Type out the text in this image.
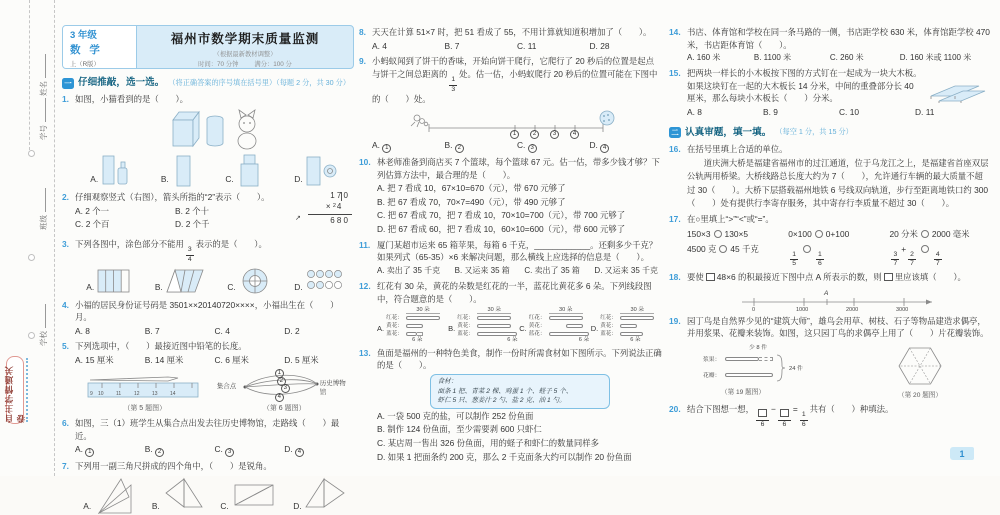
姓名
学号
班级
学校
自主学情通关卷
3 年级
数 学
上（R版）
福州市数学期末质量监测
（根据最新教材调整）
时间：70 分钟	满分：100 分
一 仔细推敲，选一选。 （将正确答案的序号填在括号里）（每题 2 分，共 30 分）
1. 如图，小猫看到的是（　　）。
A.	B.	C.	D.
2. 仔细观察竖式（右图），箭头所指的“2”表示（　　）。	1 7 0
↗
× $^2$4
6 8 0
A. 2 个一	B. 2 个十
C. 2 个百	D. 2 个千
3. 下列各图中，涂色部分不能用
$\frac{3}{4}$
表示的是（　　）。
A.	B.	C.	D.
4. 小福的居民身份证号码是 3501××20140720××××，小福出生在（　　）月。
A. 8	B. 7	C. 4	D. 2
5. 下列选项中，（　　）最接近图中铅笔的长度。
A. 15 厘米	B. 14 厘米	C. 6 厘米	D. 5 厘米
9 10 11	12 13 14
集合点	历史博物馆
1
2
3
4
（第 5 题图）	（第 6 题图）
6. 如图，三（1）班学生从集合点出发去往历史博物馆，走路线（　　）最近。
A. 1	B. 2	C. 3	D. 4
7. 下列用一副三角尺拼成的四个角中，（　　）是锐角。
A.	B.	C.	D.
8. 天天在计算 51×7 时，把 51 看成了 55，不用计算就知道积增加了（　　）。
A. 4	B. 7	C. 11	D. 28
9. 小蚂蚁闻到了饼干的香味，开始向饼干爬行，它爬行了 20 秒后的位置是起点与饼干之间总距离的
$\frac{1}{3}$
处。估一估，小蚂蚁爬行 20 秒后的位置可能在下图中的（　　）处。
1	2	3	4
A. 1	B. 2	C. 3	D. 4
10. 林老师准备到商店买 7 个篮球，每个篮球 67 元。估一估，带多少钱才够？下列估算方法中，最合理的是（　　）。
A. 把 7 看成 10，67×10=670（元），带 670 元够了
B. 把 67 看成 70，70×7=490（元），带 490 元够了
C. 把 67 看成 70，把 7 看成 10，70×10=700（元），带 700 元够了
D. 把 67 看成 60，把 7 看成 10，60×10=600（元），带 600 元够了
11. 厦门某超市运来 65 箱苹果，每箱 6 千克，____________。还剩多少千克？如果列式（65-35）×6 来解决问题，那么横线上应选择的信息是（　　）。
A. 卖出了 35 千克 B. 又运来 35 箱 C. 卖出了 35 箱 D. 又运来 35 千克
12. 红花有 30 朵，黄花的朵数是红花的一半，蓝花比黄花多 6 朵。下列线段图中，符合题意的是（　　）。
A.
30 朵
红花：
黄花：
蓝花：
6 朵
B.
30 朵
红花：
黄花：
蓝花：
6 朵
C.
30 朵
红花：
黄花：
蓝花：
6 朵
D.
30 朵
红花：
黄花：
蓝花：
6 朵
13. 鱼面是福州的一种特色美食，制作一份时所需食材如下图所示。下列说法正确的是（　　）。
食材：
面条 1 把、青菜 2 棵、鸡蛋 1 个、蛏子 5 个、
虾仁 5 只、葱姜汁 2 勺、盐 2 克、油 1 勺。
A. 一袋 500 克的盐，可以制作 252 份鱼面
B. 制作 124 份鱼面，至少需要剥 600 只虾仁
C. 某店周一售出 326 份鱼面，用的蛏子和虾仁的数量同样多
D. 如果 1 把面条约 200 克，那么 2 千克面条大约可以制作 20 份鱼面
14. 书店、体育馆和学校在同一条马路的一侧，书店距学校 630 米，体育馆距学校 470 米，书店距体育馆（　　）。
A. 160 米	B. 1100 米	C. 260 米	D. 160 米或 1100 米
15. 把两块一样长的小木板按下图的方式钉在一起成为一块大木板。如果这块钉在一起的大木板长 14 分米，中间的重叠部分长 40 厘米，那么每块小木板长（　　）分米。
A. 8	B. 9	C. 10	D. 11
二 认真审题，填一填。 （每空 1 分，共 15 分）
16. 在括号里填上合适的单位。
道庆洲大桥是福建省福州市的过江通道，位于乌龙江之上，是福建省首座双层公轨两用桥梁。大桥线路总长度大约为 7（　　），允许通行车辆的最大质量不超过 30（　　）。大桥下层搭载福州地铁 6 号线双向轨道，步行至距离地铁口约 300（　　）处有提供行李寄存服务，其中寄存行李质量不超过 30（　　）。
17. 在○里填上“>”“<”或“=”。
150×3 130×5	0×100 0+100	20 分米 2000 毫米
4500 克 45 千克
$\frac{1}{5}$	$\frac{1}{6}$	$\frac{3}{7}$
+
$\frac{2}{7}$	$\frac{4}{7}$
18. 要使 48×6 的积最接近下图中点 A 所表示的数，则 里应该填（　　）。
0	1000	2000	3000
A
19. 园丁鸟是自然界少见的“建筑大师”，雄鸟会用草、树枝、石子等物品建造求偶亭，并用浆果、花瓣来装饰。如图，这只园丁鸟的求偶亭上用了（　　）片花瓣装饰。
少 8 件
浆果：
花瓣：
24 件
（第 19 题图）	（第 20 题图）
20. 结合下图想一想，
6
−
6
=
$\frac{1}{6}$
共有（　　）种填法。
1
